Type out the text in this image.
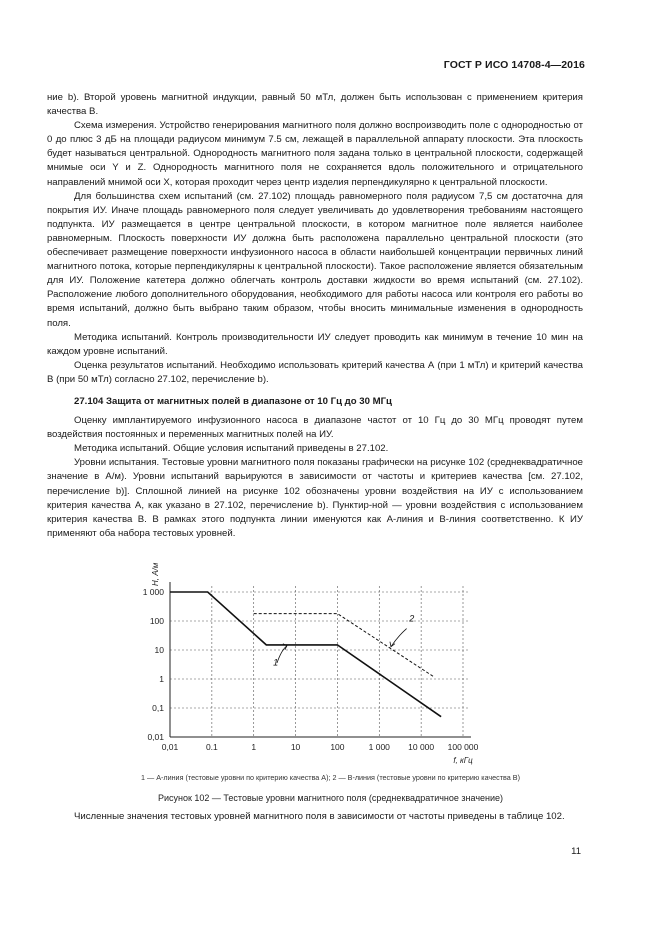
ГОСТ Р ИСО 14708-4—2016

ние b). Второй уровень магнитной индукции, равный 50 мТл, должен быть использован с применением критерия качества В.

Схема измерения. Устройство генерирования магнитного поля должно воспроизводить поле с однородностью от 0 до плюс 3 дБ на площади радиусом минимум 7.5 см, лежащей в параллельной аппарату плоскости. Эта плоскость будет называться центральной. Однородность магнитного поля задана только в центральной плоскости, содержащей мнимые оси Y и Z. Однородность магнитного поля не сохраняется вдоль положительного и отрицательного направлений мнимой оси X, которая проходит через центр изделия перпендикулярно к центральной плоскости.

Для большинства схем испытаний (см. 27.102) площадь равномерного поля радиусом 7,5 см достаточна для покрытия ИУ. Иначе площадь равномерного поля следует увеличивать до удовлетворения требованиям настоящего подпункта. ИУ размещается в центре центральной плоскости, в котором магнитное поле является наиболее равномерным. Плоскость поверхности ИУ должна быть расположена параллельно центральной плоскости (это обеспечивает размещение поверхности инфузионного насоса в области наибольшей концентрации первичных линий магнитного потока, которые перпендикулярны к центральной плоскости). Такое расположение является обязательным для ИУ. Положение катетера должно облегчать контроль доставки жидкости во время испытаний (см. 27.102). Расположение любого дополнительного оборудования, необходимого для работы насоса или контроля его работы во время испытаний, должно быть выбрано таким образом, чтобы вносить минимальные изменения в однородность поля.

Методика испытаний. Контроль производительности ИУ следует проводить как минимум в течение 10 мин на каждом уровне испытаний.

Оценка результатов испытаний. Необходимо использовать критерий качества А (при 1 мТл) и критерий качества В (при 50 мТл) согласно 27.102, перечисление b).

27.104 Защита от магнитных полей в диапазоне от 10 Гц до 30 МГц

Оценку имплантируемого инфузионного насоса в диапазоне частот от 10 Гц до 30 МГц проводят путем воздействия постоянных и переменных магнитных полей на ИУ.

Методика испытаний. Общие условия испытаний приведены в 27.102.

Уровни испытания. Тестовые уровни магнитного поля показаны графически на рисунке 102 (среднеквадратичное значение в А/м). Уровни испытаний варьируются в зависимости от частоты и критериев качества [см. 27.102, перечисление b)]. Сплошной линией на рисунке 102 обозначены уровни воздействия на ИУ с использованием критерия качества А, как указано в 27.102, перечисление b). Пунктир-ной — уровни воздействия с использованием критерия качества В. В рамках этого подпункта линии именуются как А-линия и В-линия соответственно. К ИУ применяют оба набора тестовых уровней.

0,01	0.1	1	10	100	1 000 10 000 100 000
1 000
100
10
1
0,1
0,01
H, А/м
f, кГц
1
2
1 — А-линия (тестовые уровни по критерию качества А); 2 — В-линия (тестовые уровни по критерию качества В)
Рисунок 102 — Тестовые уровни магнитного поля (среднеквадратичное значение)
Численные значения тестовых уровней магнитного поля в зависимости от частоты приведены в таблице 102.
11
